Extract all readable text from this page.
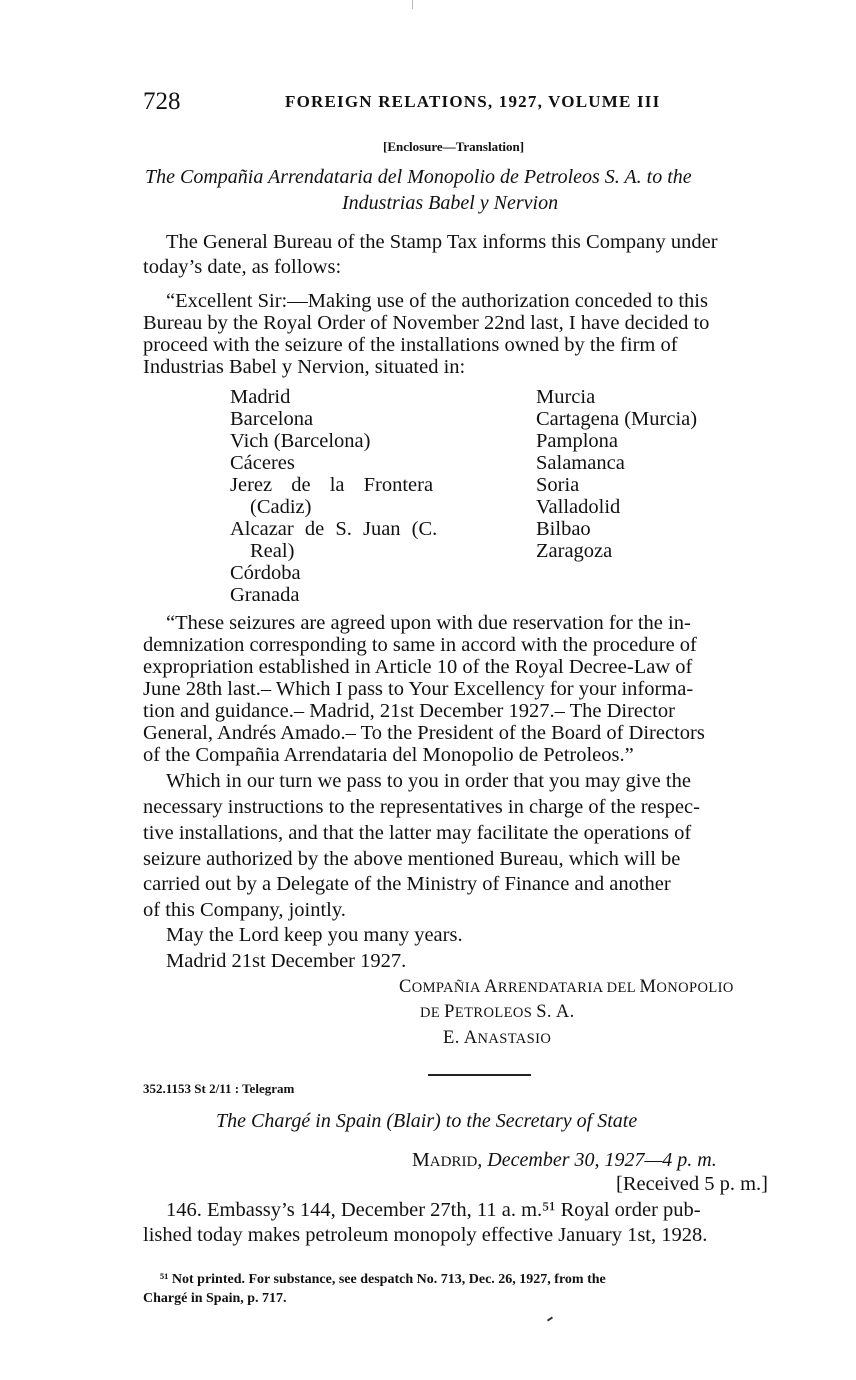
728	FOREIGN RELATIONS, 1927, VOLUME III
[Enclosure—Translation]
The Compañia Arrendataria del Monopolio de Petroleos S. A. to the
Industrias Babel y Nervion
The General Bureau of the Stamp Tax informs this Company under
today’s date, as follows:
“Excellent Sir:—Making use of the authorization conceded to this
Bureau by the Royal Order of November 22nd last, I have decided to
proceed with the seizure of the installations owned by the firm of
Industrias Babel y Nervion, situated in:
Madrid
Barcelona
Vich (Barcelona)
Cáceres
Jerez de la Frontera
(Cadiz)
Alcazar de S. Juan (C.
Real)
Córdoba
Granada
Murcia
Cartagena (Murcia)
Pamplona
Salamanca
Soria
Valladolid
Bilbao
Zaragoza
“These seizures are agreed upon with due reservation for the in-
demnization corresponding to same in accord with the procedure of
expropriation established in Article 10 of the Royal Decree-Law of
June 28th last.– Which I pass to Your Excellency for your informa-
tion and guidance.– Madrid, 21st December 1927.– The Director
General, Andrés Amado.– To the President of the Board of Directors
of the Compañia Arrendataria del Monopolio de Petroleos.”
Which in our turn we pass to you in order that you may give the
necessary instructions to the representatives in charge of the respec-
tive installations, and that the latter may facilitate the operations of
seizure authorized by the above mentioned Bureau, which will be
carried out by a Delegate of the Ministry of Finance and another
of this Company, jointly.
May the Lord keep you many years.
Madrid 21st December 1927.
COMPAÑIA ARRENDATARIA DEL MONOPOLIO
DE PETROLEOS S. A.
E. ANASTASIO
352.1153 St 2/11 : Telegram
The Chargé in Spain (Blair) to the Secretary of State
MADRID, December 30, 1927—4 p. m.
[Received 5 p. m.]
146. Embassy’s 144, December 27th, 11 a. m.⁵¹ Royal order pub-
lished today makes petroleum monopoly effective January 1st, 1928.
⁵¹ Not printed. For substance, see despatch No. 713, Dec. 26, 1927, from the
Chargé in Spain, p. 717.
